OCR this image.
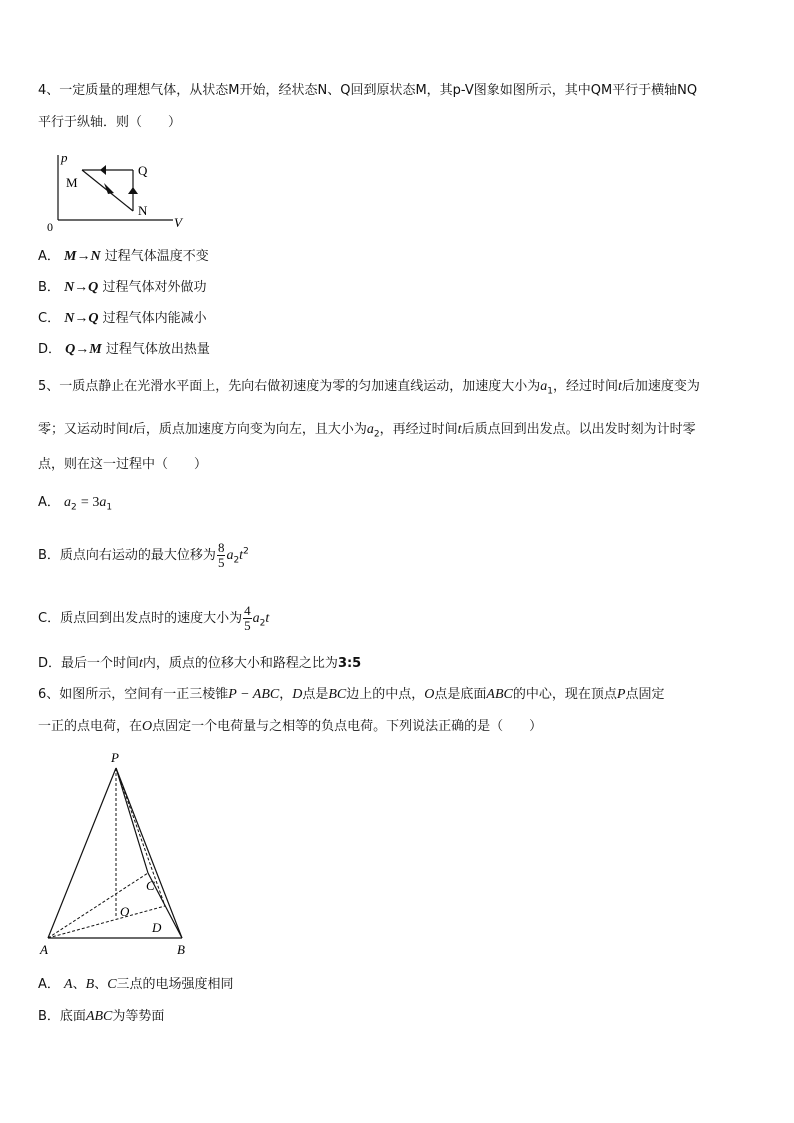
4、一定质量的理想气体，从状态M开始，经状态N、Q回到原状态M，其p-V图象如图所示，其中QM平行于横轴NQ
平行于纵轴．则（　　）
p
V
0
M
Q
N
A． M→N 过程气体温度不变
B． N→Q 过程气体对外做功
C． N→Q 过程气体内能减小
D． Q→M 过程气体放出热量
5、一质点静止在光滑水平面上，先向右做初速度为零的匀加速直线运动，加速度大小为$a_1$，经过时间t后加速度变为
零；又运动时间t后，质点加速度方向变为向左，且大小为$a_2$，再经过时间t后质点回到出发点。以出发时刻为计时零
点，则在这一过程中（　　）
A． $a_2 = 3a_1$
B．质点向右运动的最大位移为 $\frac{8}{5} a_2t^2$
C．质点回到出发点时的速度大小为 $\frac{4}{5} a_2t$
D．最后一个时间t内，质点的位移大小和路程之比为3:5
6、如图所示，空间有一正三棱锥P − ABC，D点是BC边上的中点，O点是底面ABC的中心，现在顶点P点固定
一正的点电荷，在O点固定一个电荷量与之相等的负点电荷。下列说法正确的是（　　）
P
A	B
C
O
D
A． A、B、C三点的电场强度相同
B．底面ABC为等势面
